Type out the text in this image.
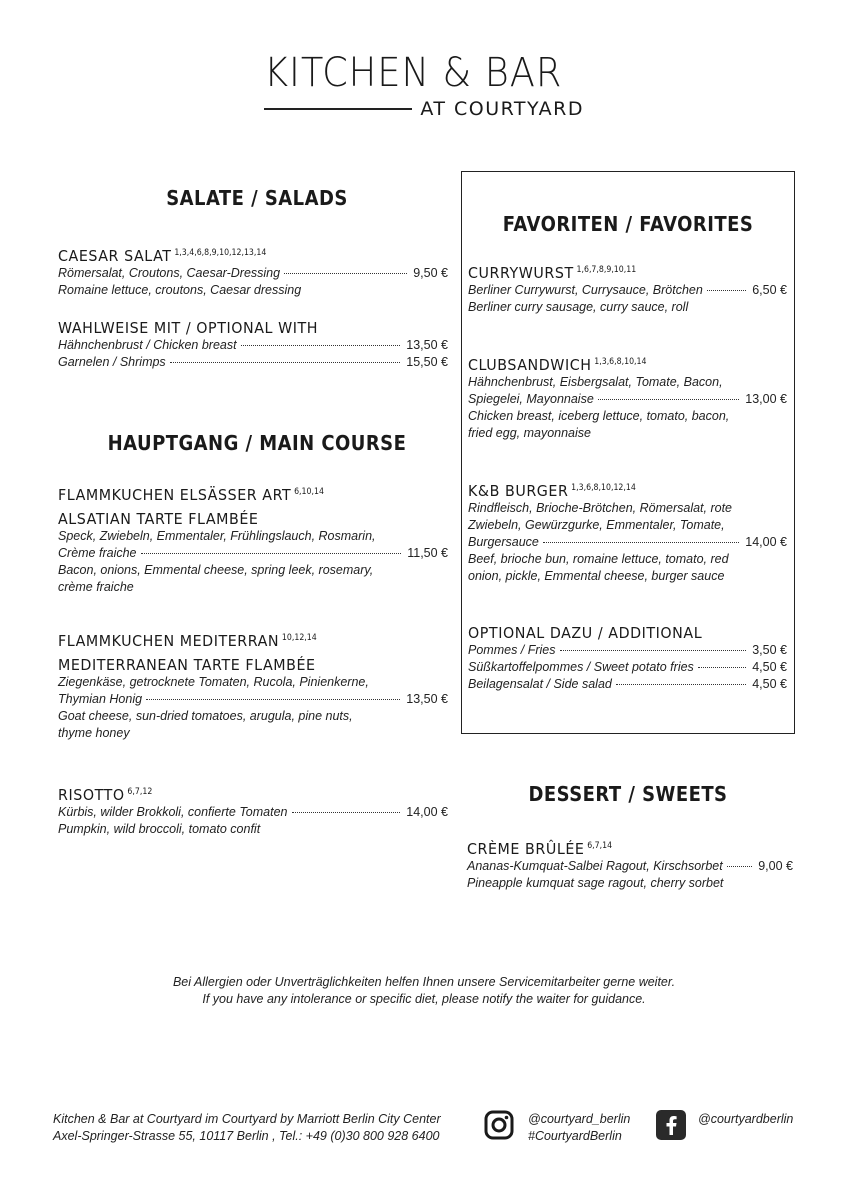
KITCHEN & BAR
AT COURTYARD
SALATE / SALADS
CAESAR SALAT $^{1,3,4,6,8,9,10,12,13,14}$
Römersalat, Croutons, Caesar-Dressing	9,50 €
Romaine lettuce, croutons, Caesar dressing
WAHLWEISE MIT / OPTIONAL WITH
Hähnchenbrust / Chicken breast	13,50 €
Garnelen / Shrimps	15,50 €
HAUPTGANG / MAIN COURSE
FLAMMKUCHEN ELSÄSSER ART $^{6,10,14}$
ALSATIAN TARTE FLAMBÉE
Speck, Zwiebeln, Emmentaler, Frühlingslauch, Rosmarin,
Crème fraiche	11,50 €
Bacon, onions, Emmental cheese, spring leek, rosemary,
crème fraiche
FLAMMKUCHEN MEDITERRAN $^{10,12,14}$
MEDITERRANEAN TARTE FLAMBÉE
Ziegenkäse, getrocknete Tomaten, Rucola, Pinienkerne,
Thymian Honig	13,50 €
Goat cheese, sun-dried tomatoes, arugula, pine nuts,
thyme honey
RISOTTO $^{6,7,12}$
Kürbis, wilder Brokkoli, confierte Tomaten	14,00 €
Pumpkin, wild broccoli, tomato confit
FAVORITEN / FAVORITES
CURRYWURST $^{1,6,7,8,9,10,11}$
Berliner Currywurst, Currysauce, Brötchen	6,50 €
Berliner curry sausage, curry sauce, roll
CLUBSANDWICH $^{1,3,6,8,10,14}$
Hähnchenbrust, Eisbergsalat, Tomate, Bacon,
Spiegelei, Mayonnaise	13,00 €
Chicken breast, iceberg lettuce, tomato, bacon,
fried egg, mayonnaise
K&B BURGER $^{1,3,6,8,10,12,14}$
Rindfleisch, Brioche-Brötchen, Römersalat, rote
Zwiebeln, Gewürzgurke, Emmentaler, Tomate,
Burgersauce	14,00 €
Beef, brioche bun, romaine lettuce, tomato, red
onion, pickle, Emmental cheese, burger sauce
OPTIONAL DAZU / ADDITIONAL
Pommes / Fries	3,50 €
Süßkartoffelpommes / Sweet potato fries	4,50 €
Beilagensalat / Side salad	4,50 €
DESSERT / SWEETS
CRÈME BRÛLÉE $^{6,7,14}$
Ananas-Kumquat-Salbei Ragout, Kirschsorbet	9,00 €
Pineapple kumquat sage ragout, cherry sorbet
Bei Allergien oder Unverträglichkeiten helfen Ihnen unsere Servicemitarbeiter gerne weiter.
If you have any intolerance or specific diet, please notify the waiter for guidance.
Kitchen & Bar at Courtyard im Courtyard by Marriott Berlin City Center
Axel-Springer-Strasse 55, 10117 Berlin , Tel.: +49 (0)30 800 928 6400
@courtyard_berlin
#CourtyardBerlin
@courtyardberlin
